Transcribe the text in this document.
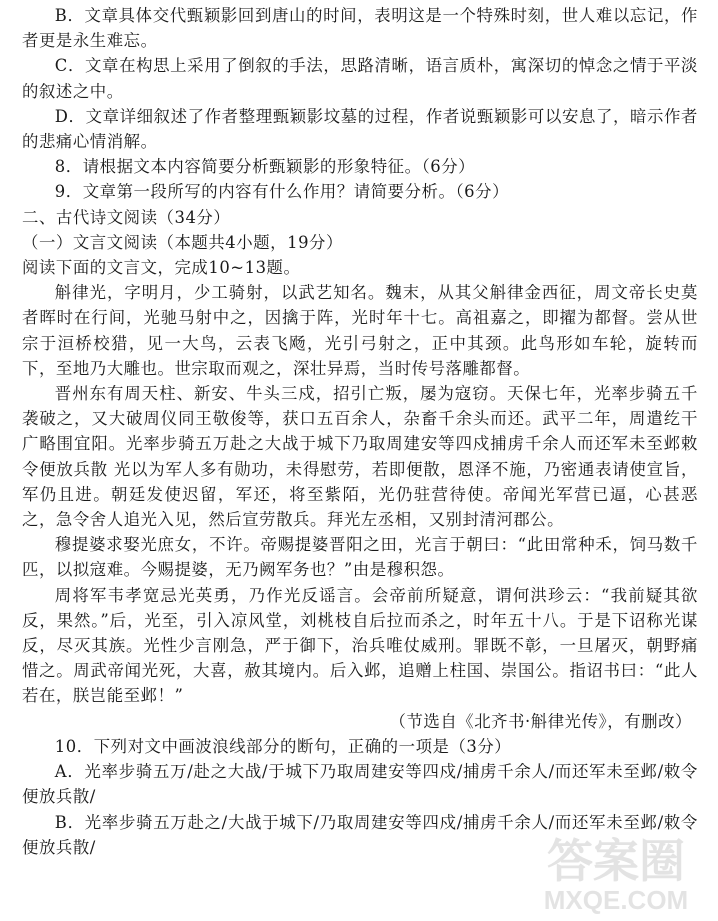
B．文章具体交代甄颖影回到唐山的时间，表明这是一个特殊时刻，世人难以忘记，作者更是永生难忘。

C．文章在构思上采用了倒叙的手法，思路清晰，语言质朴，寓深切的悼念之情于平淡的叙述之中。

D．文章详细叙述了作者整理甄颖影坟墓的过程，作者说甄颖影可以安息了，暗示作者的悲痛心情消解。

8．请根据文本内容简要分析甄颖影的形象特征。（6分）

9．文章第一段所写的内容有什么作用？请简要分析。（6分）

二、古代诗文阅读（34分）

（一）文言文阅读（本题共4小题，19分）

阅读下面的文言文，完成10~13题。

斛律光，字明月，少工骑射，以武艺知名。魏末，从其父斛律金西征，周文帝长史莫者晖时在行间，光驰马射中之，因擒于阵，光时年十七。高祖嘉之，即擢为都督。尝从世宗于洹桥校猎，见一大鸟，云表飞飏，光引弓射之，正中其颈。此鸟形如车轮，旋转而下，至地乃大雕也。世宗取而观之，深壮异焉，当时传号落雕都督。

晋州东有周天柱、新安、牛头三戍，招引亡叛，屡为寇窃。天保七年，光率步骑五千袭破之，又大破周仪同王敬俊等，获口五百余人，杂畜千余头而还。武平二年，周遣纥干广略围宜阳。光率步骑五万赴之大战于城下乃取周建安等四戍捕虏千余人而还军未至邺敕令便放兵散 光以为军人多有勋功，未得慰劳，若即便散，恩泽不施，乃密通表请使宣旨，军仍且进。朝廷发使迟留，军还，将至紫陌，光仍驻营待使。帝闻光军营已逼，心甚恶之，急令舍人追光入见，然后宣劳散兵。拜光左丞相，又别封清河郡公。

穆提婆求娶光庶女，不许。帝赐提婆晋阳之田，光言于朝曰：“此田常种禾，饲马数千匹，以拟寇难。今赐提婆，无乃阙军务也？”由是穆积怨。

周将军韦孝宽忌光英勇，乃作光反谣言。会帝前所疑意，谓何洪珍云：“我前疑其欲反，果然。”后，光至，引入凉风堂，刘桃枝自后拉而杀之，时年五十八。于是下诏称光谋反，尽灭其族。光性少言刚急，严于御下，治兵唯仗威刑。罪既不彰，一旦屠灭，朝野痛惜之。周武帝闻光死，大喜，赦其境内。后入邺，追赠上柱国、崇国公。指诏书曰：“此人若在，朕岂能至邺！”

（节选自《北齐书·斛律光传》，有删改）

10．下列对文中画波浪线部分的断句，正确的一项是（3分）

A．光率步骑五万/赴之大战/于城下乃取周建安等四戍/捕虏千余人/而还军未至邺/敕令便放兵散/

B．光率步骑五万赴之/大战于城下/乃取周建安等四戍/捕虏千余人/而还军未至邺/敕令便放兵散/	答案圈
MXQE.COM
